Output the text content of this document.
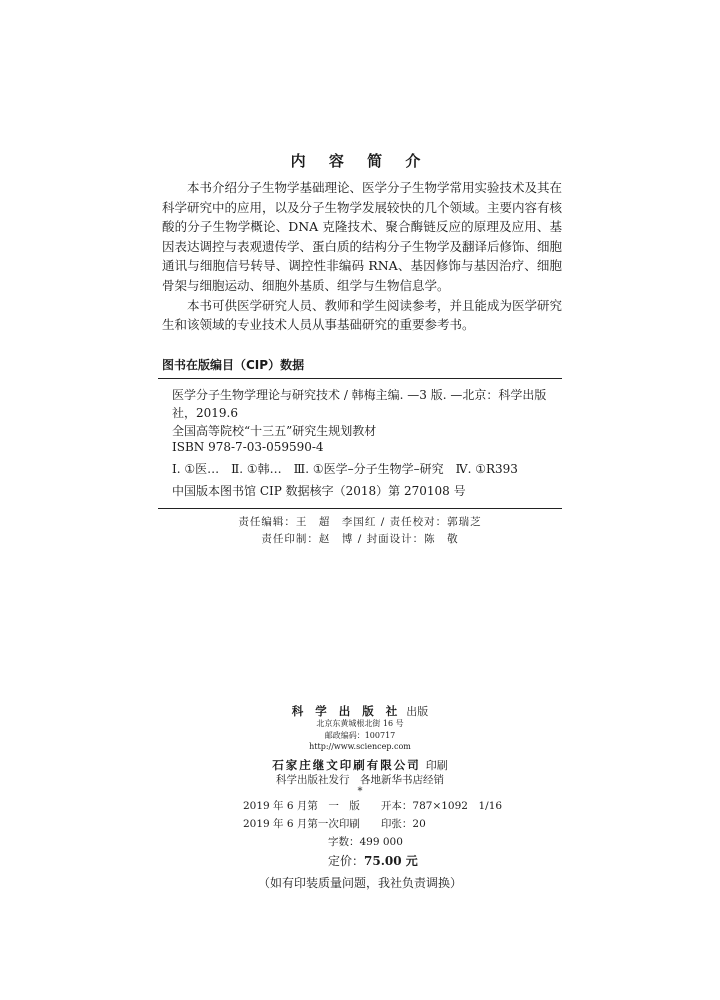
内 容 简 介

本书介绍分子生物学基础理论、医学分子生物学常用实验技术及其在科学研究中的应用，以及分子生物学发展较快的几个领域。主要内容有核酸的分子生物学概论、DNA 克隆技术、聚合酶链反应的原理及应用、基因表达调控与表观遗传学、蛋白质的结构分子生物学及翻译后修饰、细胞通讯与细胞信号转导、调控性非编码 RNA、基因修饰与基因治疗、细胞骨架与细胞运动、细胞外基质、组学与生物信息学。

本书可供医学研究人员、教师和学生阅读参考，并且能成为医学研究生和该领域的专业技术人员从事基础研究的重要参考书。

图书在版编目（CIP）数据
医学分子生物学理论与研究技术 / 韩梅主编. —3 版. —北京：科学出版
社，2019.6
全国高等院校“十三五”研究生规划教材
ISBN 978-7-03-059590-4
Ⅰ. ①医…　Ⅱ. ①韩…　Ⅲ. ①医学–分子生物学–研究　Ⅳ. ①R393
中国版本图书馆 CIP 数据核字（2018）第 270108 号
责任编辑：王　超　李国红 / 责任校对：郭瑞芝
责任印制：赵　博 / 封面设计：陈　敬
科 学 出 版 社 出版
北京东黄城根北街 16 号
邮政编码：100717
http://www.sciencep.com
石家庄继文印刷有限公司 印刷
科学出版社发行　各地新华书店经销
*
2019 年 6 月第　一　版　　开本：787×1092　1/16
2019 年 6 月第一次印刷　　印张：20
字数：499 000
定价：75.00 元
（如有印装质量问题，我社负责调换）
